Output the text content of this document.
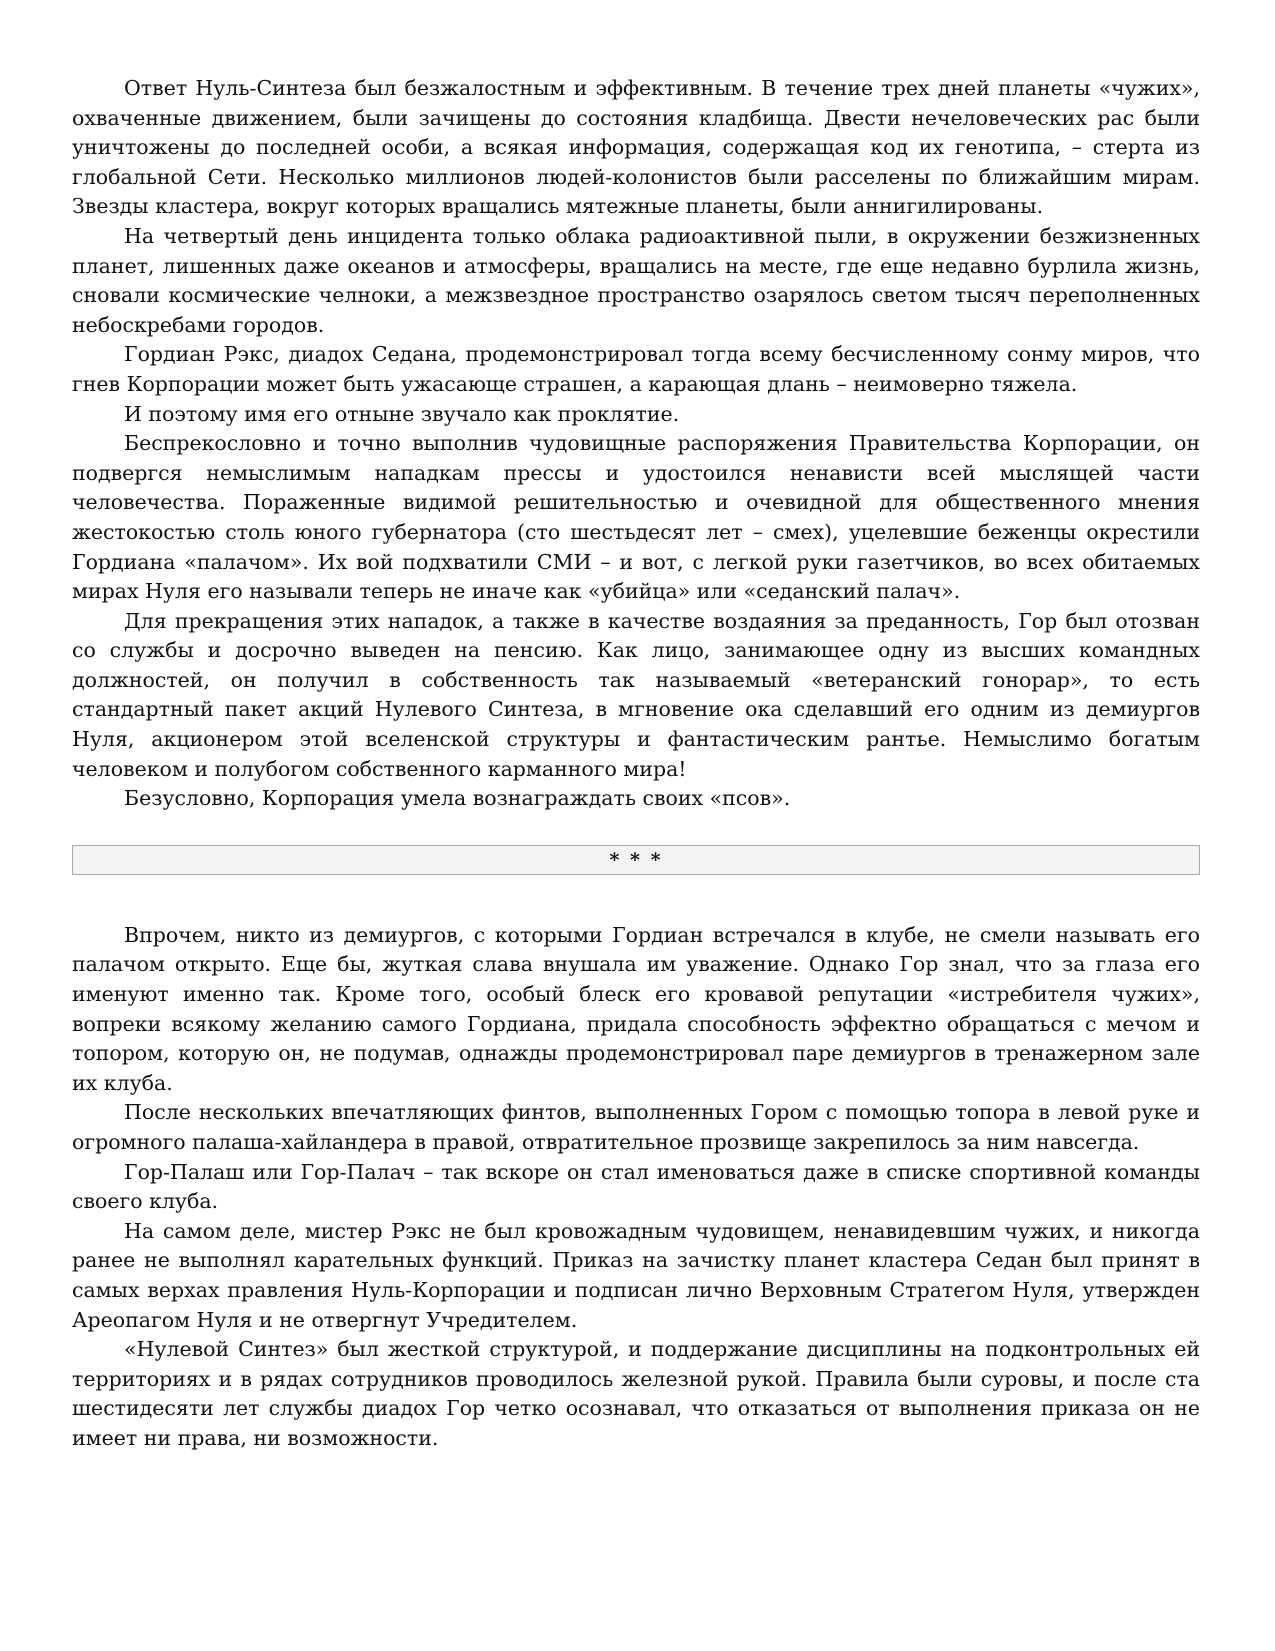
Ответ Нуль-Синтеза был безжалостным и эффективным. В течение трех дней планеты «чужих», охваченные движением, были зачищены до состояния кладбища. Двести нечеловеческих рас были уничтожены до последней особи, а всякая информация, содержащая код их генотипа, – стерта из глобальной Сети. Несколько миллионов людей-колонистов были расселены по ближайшим мирам. Звезды кластера, вокруг которых вращались мятежные планеты, были аннигилированы.

На четвертый день инцидента только облака радиоактивной пыли, в окружении безжизненных планет, лишенных даже океанов и атмосферы, вращались на месте, где еще недавно бурлила жизнь, сновали космические челноки, а межзвездное пространство озарялось светом тысяч переполненных небоскребами городов.

Гордиан Рэкс, диадох Седана, продемонстрировал тогда всему бесчисленному сонму миров, что гнев Корпорации может быть ужасающе страшен, а карающая длань – неимоверно тяжела.

И поэтому имя его отныне звучало как проклятие.

Беспрекословно и точно выполнив чудовищные распоряжения Правительства Корпорации, он подвергся немыслимым нападкам прессы и удостоился ненависти всей мыслящей части человечества. Пораженные видимой решительностью и очевидной для общественного мнения жестокостью столь юного губернатора (сто шестьдесят лет – смех), уцелевшие беженцы окрестили Гордиана «палачом». Их вой подхватили СМИ – и вот, с легкой руки газетчиков, во всех обитаемых мирах Нуля его называли теперь не иначе как «убийца» или «седанский палач».

Для прекращения этих нападок, а также в качестве воздаяния за преданность, Гор был отозван со службы и досрочно выведен на пенсию. Как лицо, занимающее одну из высших командных должностей, он получил в собственность так называемый «ветеранский гонорар», то есть стандартный пакет акций Нулевого Синтеза, в мгновение ока сделавший его одним из демиургов Нуля, акционером этой вселенской структуры и фантастическим рантье. Немыслимо богатым человеком и полубогом собственного карманного мира!

Безусловно, Корпорация умела вознаграждать своих «псов».

* * *

Впрочем, никто из демиургов, с которыми Гордиан встречался в клубе, не смели называть его палачом открыто. Еще бы, жуткая слава внушала им уважение. Однако Гор знал, что за глаза его именуют именно так. Кроме того, особый блеск его кровавой репутации «истребителя чужих», вопреки всякому желанию самого Гордиана, придала способность эффектно обращаться с мечом и топором, которую он, не подумав, однажды продемонстрировал паре демиургов в тренажерном зале их клуба.

После нескольких впечатляющих финтов, выполненных Гором с помощью топора в левой руке и огромного палаша-хайландера в правой, отвратительное прозвище закрепилось за ним навсегда.

Гор-Палаш или Гор-Палач – так вскоре он стал именоваться даже в списке спортивной команды своего клуба.

На самом деле, мистер Рэкс не был кровожадным чудовищем, ненавидевшим чужих, и никогда ранее не выполнял карательных функций. Приказ на зачистку планет кластера Седан был принят в самых верхах правления Нуль-Корпорации и подписан лично Верховным Стратегом Нуля, утвержден Ареопагом Нуля и не отвергнут Учредителем.

«Нулевой Синтез» был жесткой структурой, и поддержание дисциплины на подконтрольных ей территориях и в рядах сотрудников проводилось железной рукой. Правила были суровы, и после ста шестидесяти лет службы диадох Гор четко осознавал, что отказаться от выполнения приказа он не имеет ни права, ни возможности.
